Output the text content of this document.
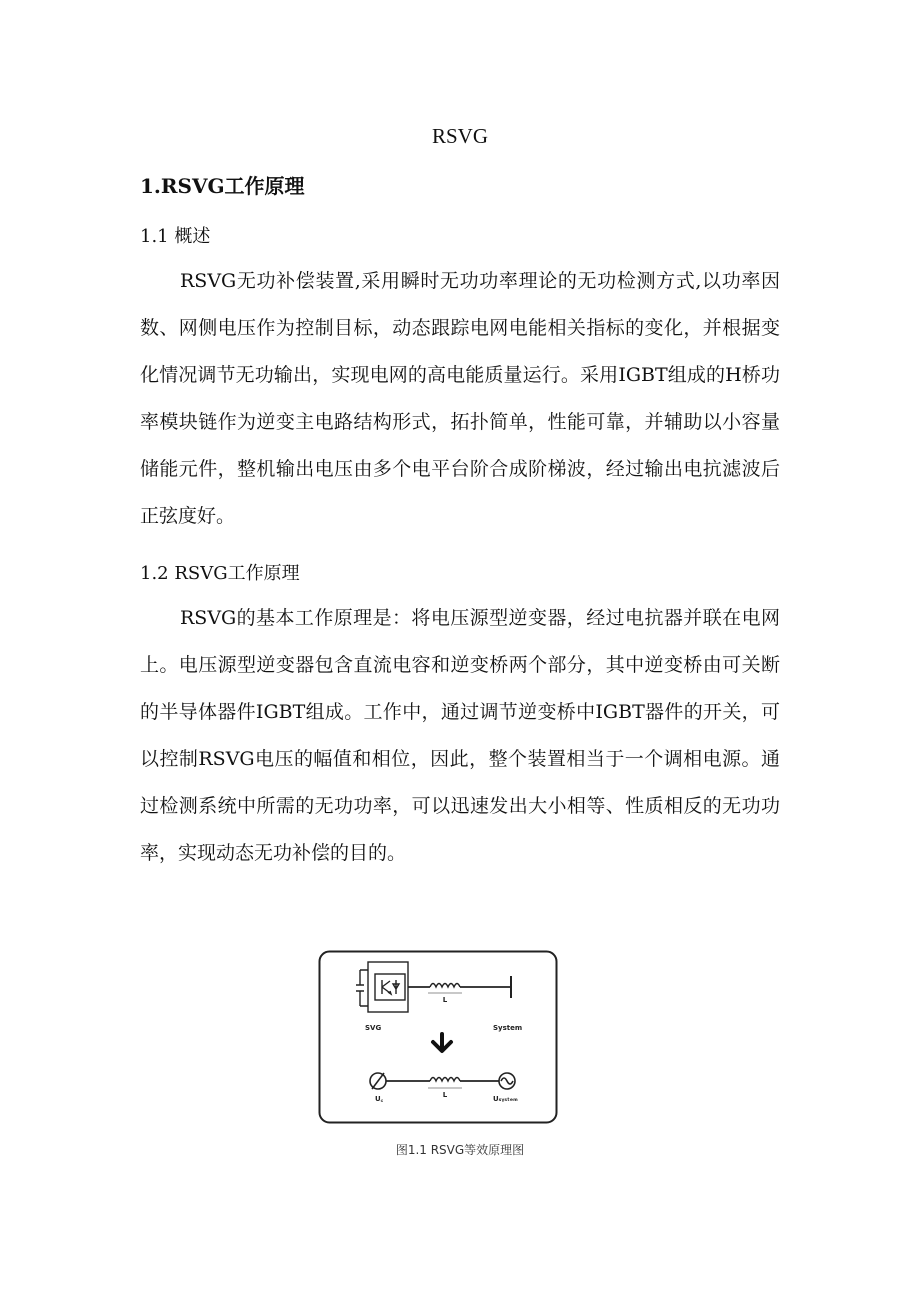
RSVG
1.RSVG工作原理
1.1 概述

RSVG无功补偿装置,采用瞬时无功功率理论的无功检测方式,以功率因数、网侧电压作为控制目标，动态跟踪电网电能相关指标的变化，并根据变化情况调节无功输出，实现电网的高电能质量运行。采用IGBT组成的H桥功率模块链作为逆变主电路结构形式，拓扑简单，性能可靠，并辅助以小容量储能元件，整机输出电压由多个电平台阶合成阶梯波，经过输出电抗滤波后正弦度好。

1.2 RSVG工作原理

RSVG的基本工作原理是：将电压源型逆变器，经过电抗器并联在电网上。电压源型逆变器包含直流电容和逆变桥两个部分，其中逆变桥由可关断的半导体器件IGBT组成。工作中，通过调节逆变桥中IGBT器件的开关，可以控制RSVG电压的幅值和相位，因此，整个装置相当于一个调相电源。通过检测系统中所需的无功功率，可以迅速发出大小相等、性质相反的无功功率，实现动态无功补偿的目的。

L
SVG	System
L
U꜀	Uₛᵧₛₜₑₘ
图1.1 RSVG等效原理图
